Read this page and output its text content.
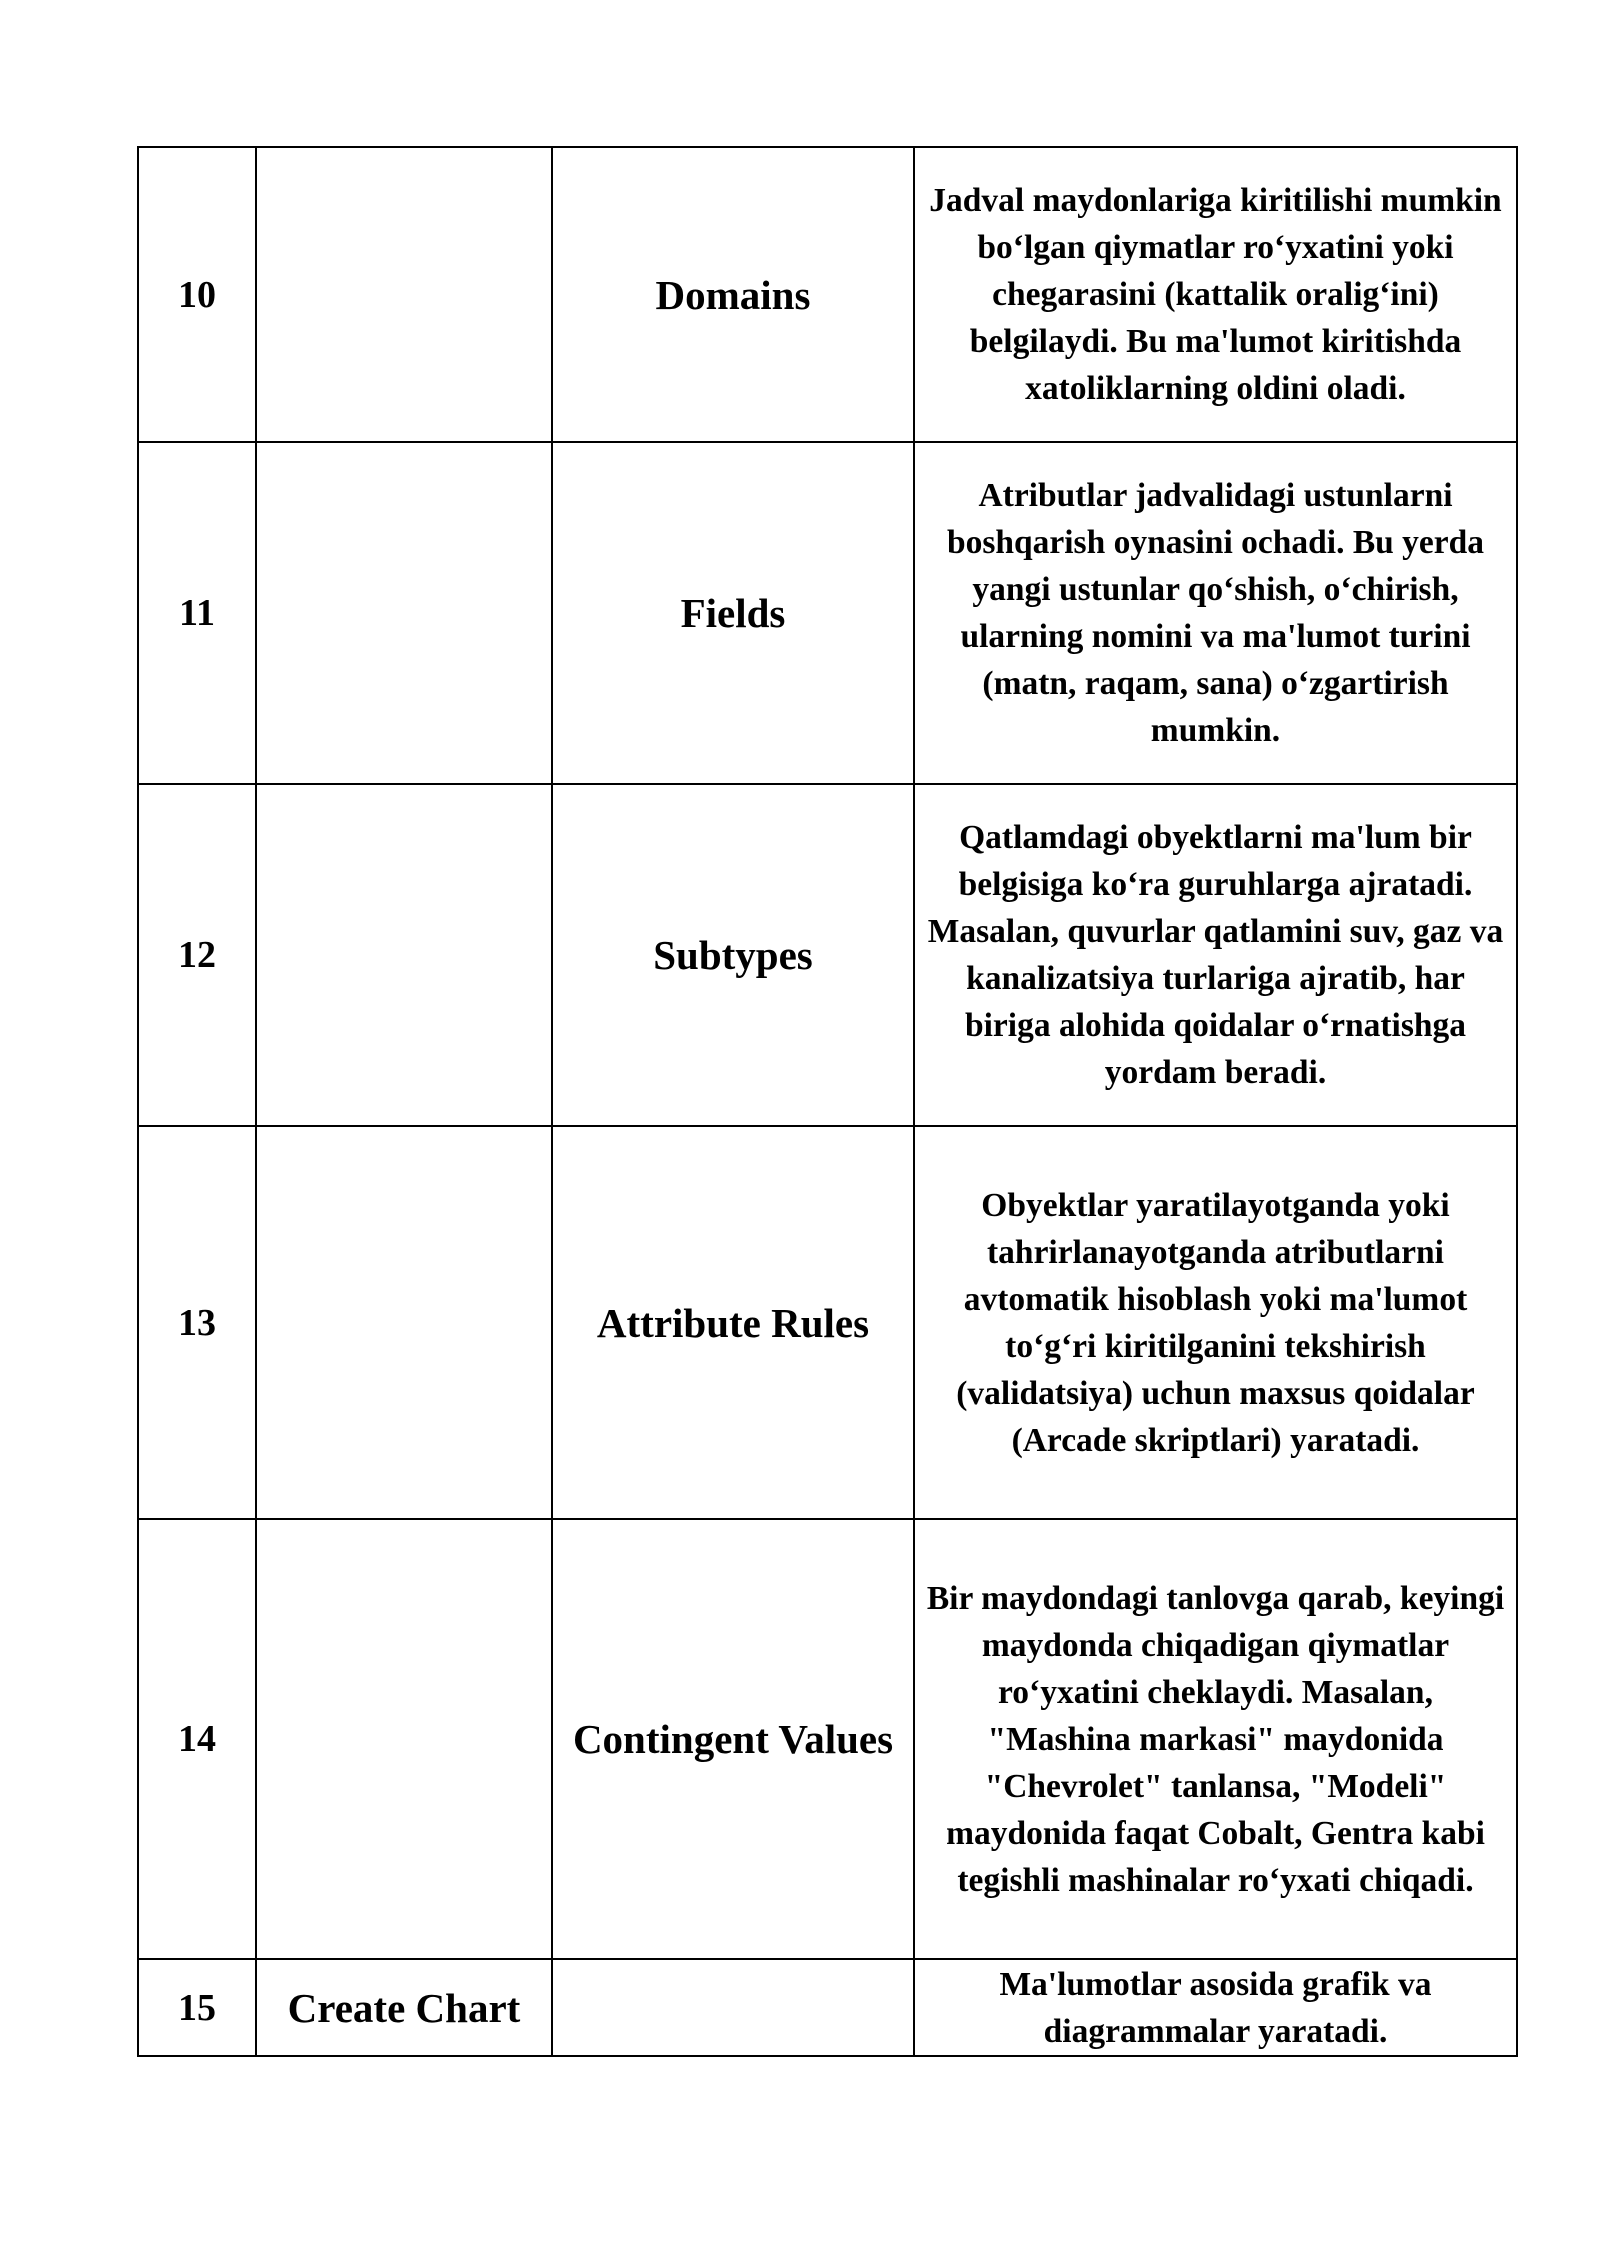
10		Domains	Jadval maydonlariga kiritilishi mumkin bo‘lgan qiymatlar ro‘yxatini yoki chegarasini (kattalik oralig‘ini) belgilaydi. Bu ma'lumot kiritishda xatoliklarning oldini oladi.
11		Fields	Atributlar jadvalidagi ustunlarni boshqarish oynasini ochadi. Bu yerda yangi ustunlar qo‘shish, o‘chirish, ularning nomini va ma'lumot turini (matn, raqam, sana) o‘zgartirish mumkin.
12		Subtypes	Qatlamdagi obyektlarni ma'lum bir belgisiga ko‘ra guruhlarga ajratadi. Masalan, quvurlar qatlamini suv, gaz va kanalizatsiya turlariga ajratib, har biriga alohida qoidalar o‘rnatishga yordam beradi.
13		Attribute Rules	Obyektlar yaratilayotganda yoki tahrirlanayotganda atributlarni avtomatik hisoblash yoki ma'lumot to‘g‘ri kiritilganini tekshirish (validatsiya) uchun maxsus qoidalar (Arcade skriptlari) yaratadi.
14		Contingent Values	Bir maydondagi tanlovga qarab, keyingi maydonda chiqadigan qiymatlar ro‘yxatini cheklaydi. Masalan, "Mashina markasi" maydonida "Chevrolet" tanlansa, "Modeli" maydonida faqat Cobalt, Gentra kabi tegishli mashinalar ro‘yxati chiqadi.
15	Create Chart		Ma'lumotlar asosida grafik va diagrammalar yaratadi.
